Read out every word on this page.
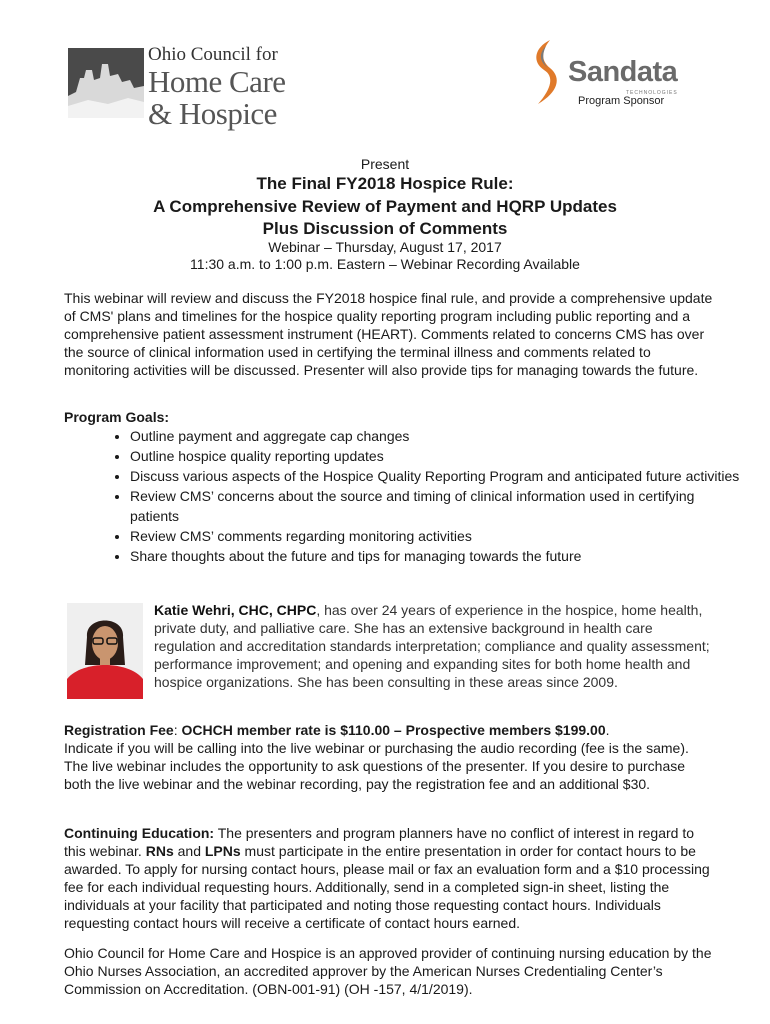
Ohio Council for
Home Care
& Hospice
Sandata
TECHNOLOGIES
Program Sponsor
Present
The Final FY2018 Hospice Rule:
A Comprehensive Review of Payment and HQRP Updates
Plus Discussion of Comments
Webinar – Thursday, August 17, 2017
11:30 a.m. to 1:00 p.m. Eastern – Webinar Recording Available
This webinar will review and discuss the FY2018 hospice final rule, and provide a comprehensive update of CMS' plans and timelines for the hospice quality reporting program including public reporting and a comprehensive patient assessment instrument (HEART). Comments related to concerns CMS has over the source of clinical information used in certifying the terminal illness and comments related to monitoring activities will be discussed. Presenter will also provide tips for managing towards the future.
Program Goals:
• Outline payment and aggregate cap changes
• Outline hospice quality reporting updates
• Discuss various aspects of the Hospice Quality Reporting Program and anticipated future activities
• Review CMS’ concerns about the source and timing of clinical information used in certifying patients
• Review CMS’ comments regarding monitoring activities
• Share thoughts about the future and tips for managing towards the future
Katie Wehri, CHC, CHPC, has over 24 years of experience in the hospice, home health, private duty, and palliative care. She has an extensive background in health care regulation and accreditation standards interpretation; compliance and quality assessment; performance improvement; and opening and expanding sites for both home health and hospice organizations. She has been consulting in these areas since 2009.
Registration Fee: OCHCH member rate is $110.00 – Prospective members $199.00.
Indicate if you will be calling into the live webinar or purchasing the audio recording (fee is the same). The live webinar includes the opportunity to ask questions of the presenter. If you desire to purchase both the live webinar and the webinar recording, pay the registration fee and an additional $30.
Continuing Education: The presenters and program planners have no conflict of interest in regard to this webinar. RNs and LPNs must participate in the entire presentation in order for contact hours to be awarded. To apply for nursing contact hours, please mail or fax an evaluation form and a $10 processing fee for each individual requesting hours. Additionally, send in a completed sign-in sheet, listing the individuals at your facility that participated and noting those requesting contact hours. Individuals requesting contact hours will receive a certificate of contact hours earned.
Ohio Council for Home Care and Hospice is an approved provider of continuing nursing education by the Ohio Nurses Association, an accredited approver by the American Nurses Credentialing Center’s Commission on Accreditation. (OBN-001-91) (OH -157, 4/1/2019).
